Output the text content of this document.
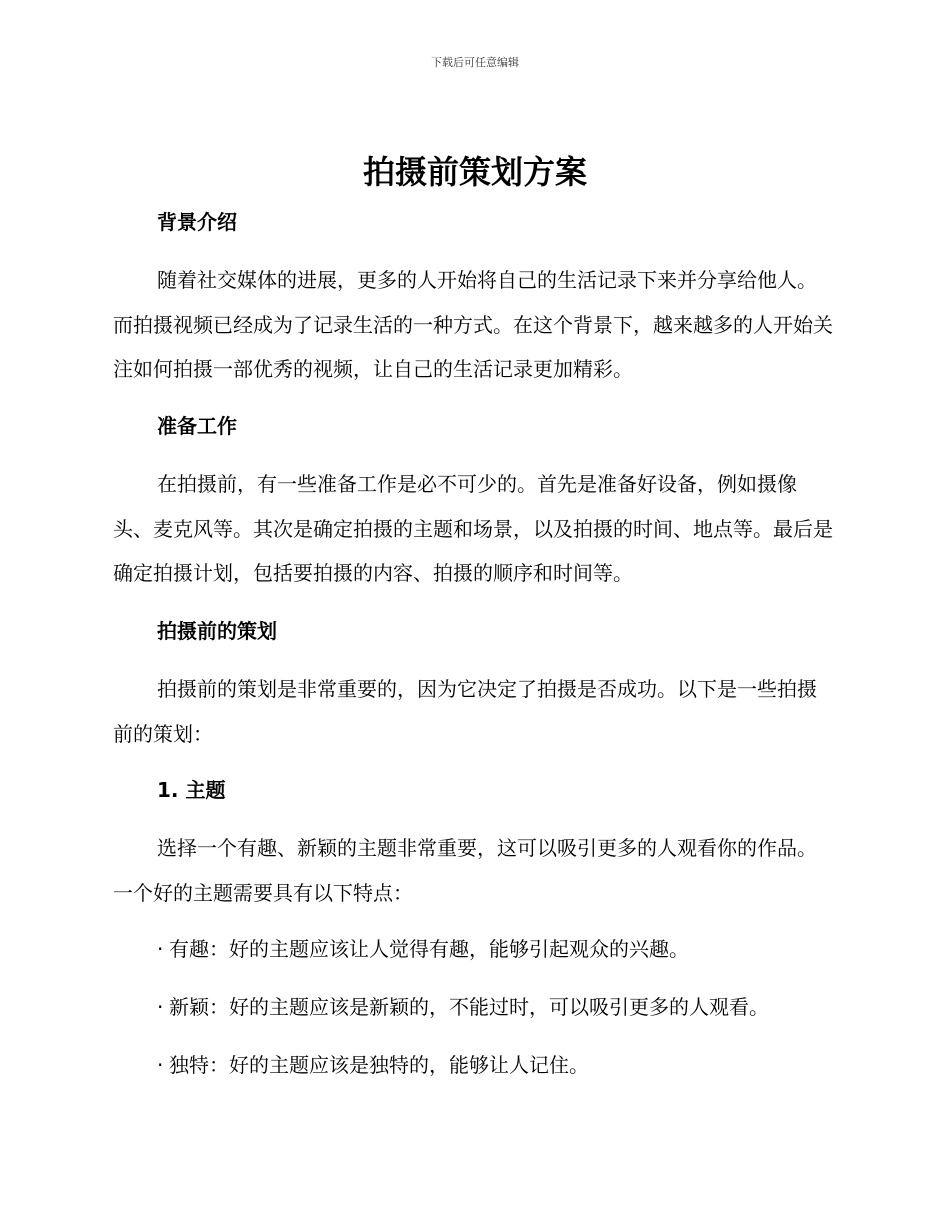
下载后可任意编辑
拍摄前策划方案
背景介绍

随着社交媒体的进展，更多的人开始将自己的生活记录下来并分享给他人。而拍摄视频已经成为了记录生活的一种方式。在这个背景下，越来越多的人开始关注如何拍摄一部优秀的视频，让自己的生活记录更加精彩。

准备工作

在拍摄前，有一些准备工作是必不可少的。首先是准备好设备，例如摄像头、麦克风等。其次是确定拍摄的主题和场景，以及拍摄的时间、地点等。最后是确定拍摄计划，包括要拍摄的内容、拍摄的顺序和时间等。

拍摄前的策划

拍摄前的策划是非常重要的，因为它决定了拍摄是否成功。以下是一些拍摄前的策划：

1. 主题

选择一个有趣、新颖的主题非常重要，这可以吸引更多的人观看你的作品。一个好的主题需要具有以下特点：

· 有趣：好的主题应该让人觉得有趣，能够引起观众的兴趣。

· 新颖：好的主题应该是新颖的，不能过时，可以吸引更多的人观看。

· 独特：好的主题应该是独特的，能够让人记住。
